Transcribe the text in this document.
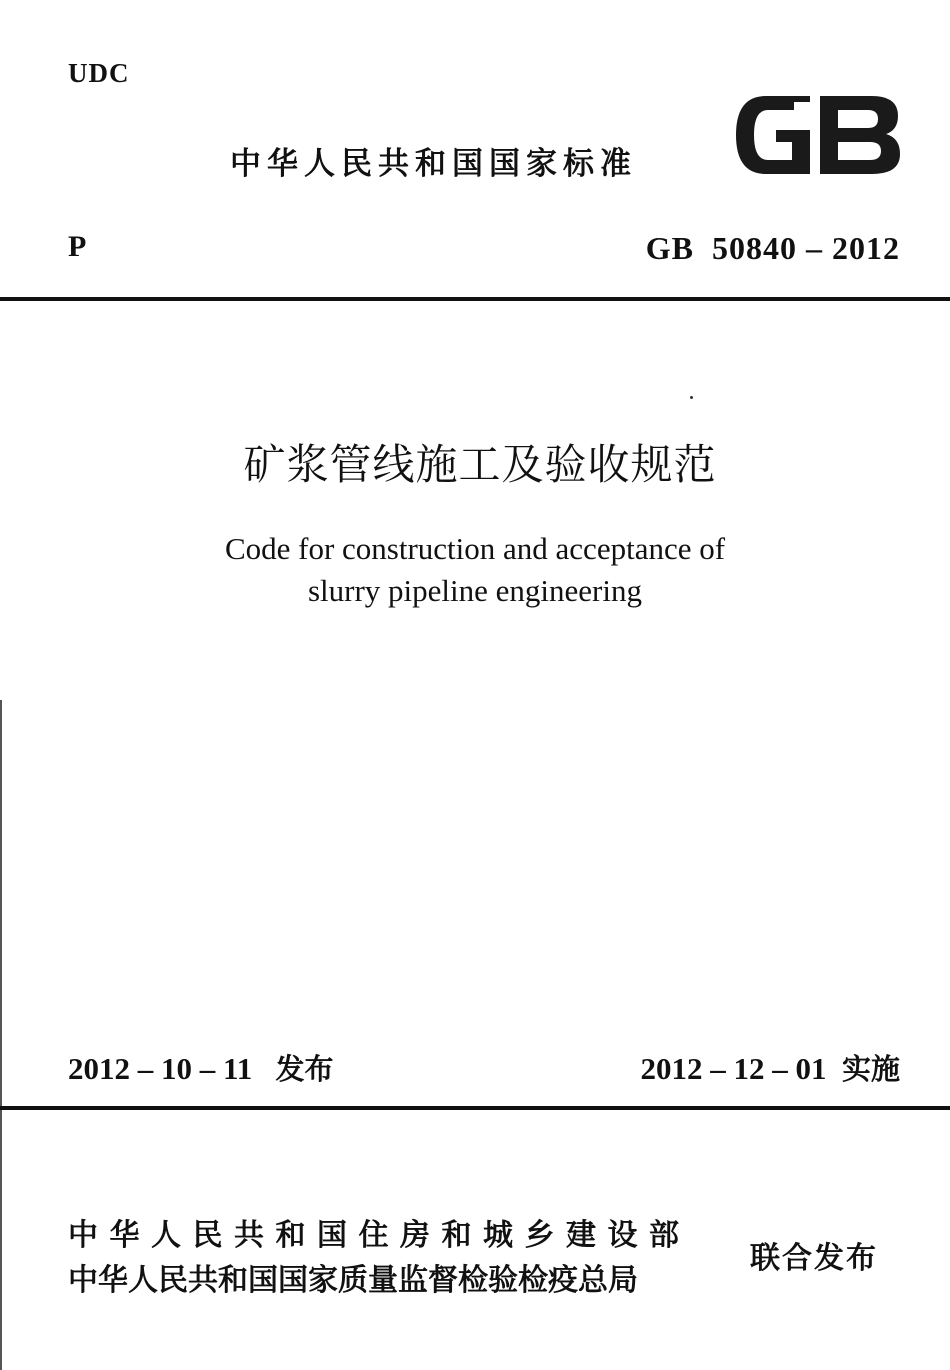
UDC
中华人民共和国国家标准
P	GB  50840 – 2012
矿浆管线施工及验收规范
Code for construction and acceptance of
slurry pipeline engineering
2012 – 10 – 11 发布	2012 – 12 – 01 实施
中华人民共和国住房和城乡建设部
中华人民共和国国家质量监督检验检疫总局
联合发布
